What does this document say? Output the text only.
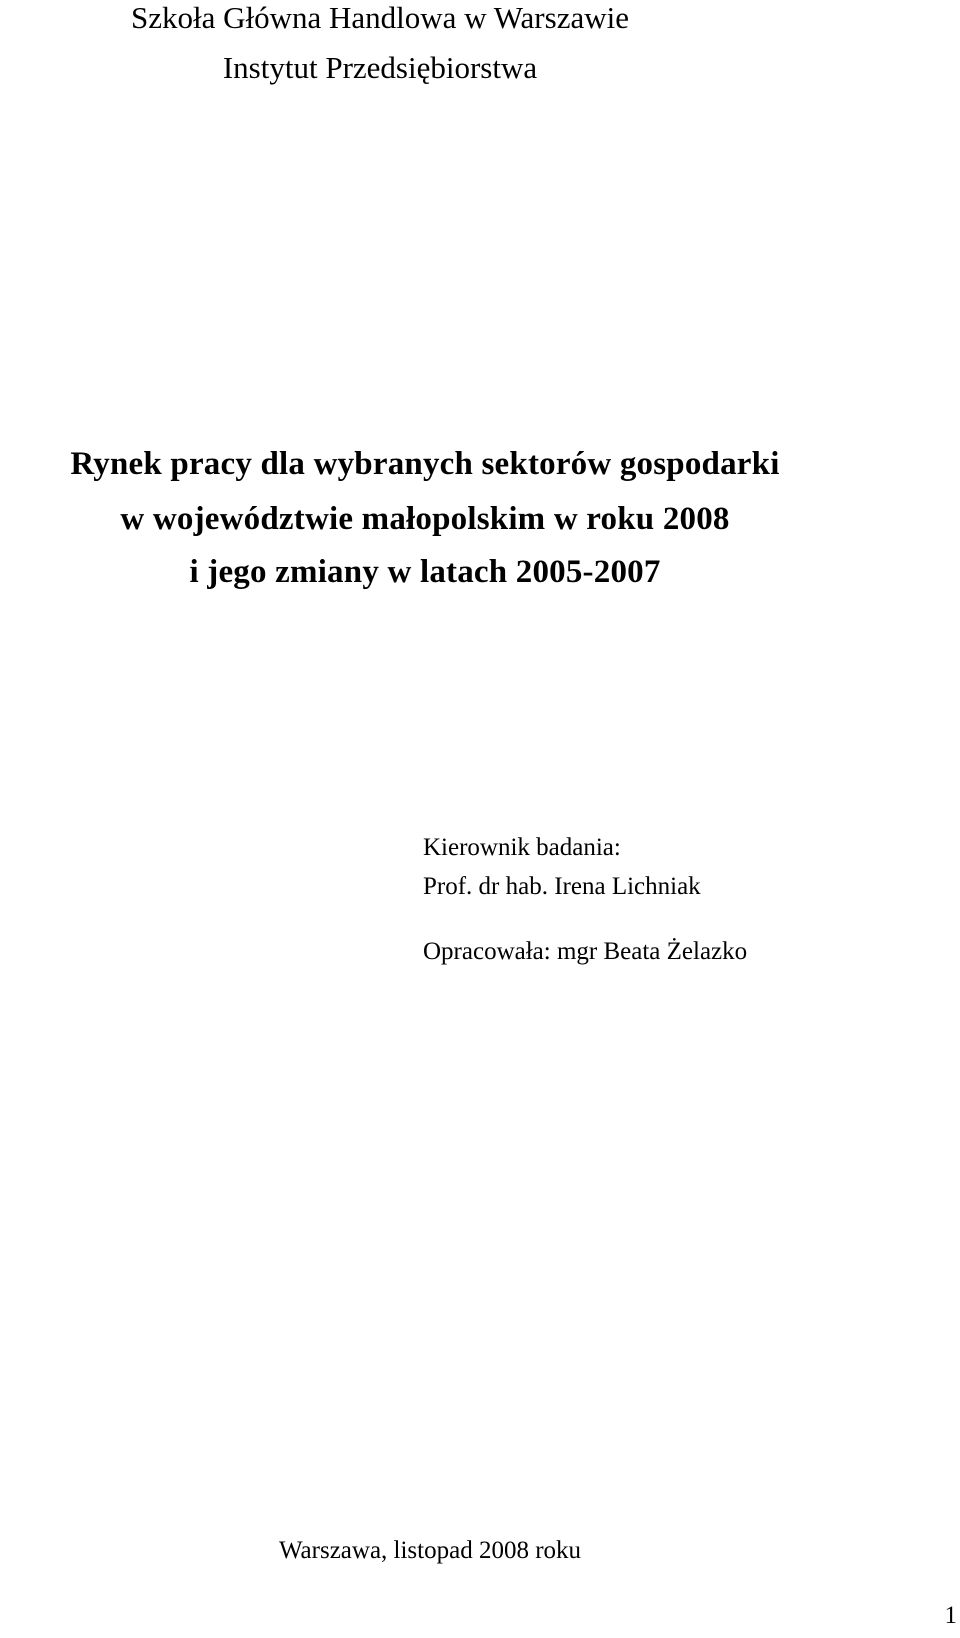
Szkoła Główna Handlowa w Warszawie

Instytut Przedsiębiorstwa

Rynek pracy dla wybranych sektorów gospodarki

w województwie małopolskim w roku 2008

i jego zmiany w latach 2005-2007

Kierownik badania:

Prof. dr hab. Irena Lichniak

Opracowała: mgr Beata Żelazko

Warszawa, listopad 2008 roku

1
